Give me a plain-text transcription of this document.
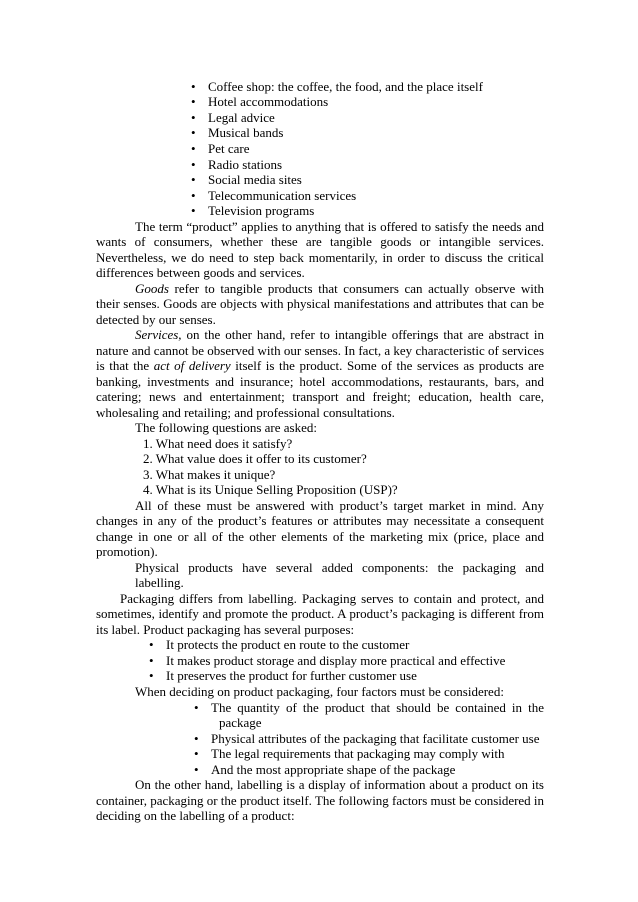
• Coffee shop: the coffee, the food, and the place itself
• Hotel accommodations
• Legal advice
• Musical bands
• Pet care
• Radio stations
• Social media sites
• Telecommunication services
• Television programs
The term “product” applies to anything that is offered to satisfy the needs and
wants of consumers, whether these are tangible goods or intangible services.
Nevertheless, we do need to step back momentarily, in order to discuss the critical
differences between goods and services.
Goods refer to tangible products that consumers can actually observe with
their senses. Goods are objects with physical manifestations and attributes that can be
detected by our senses.
Services, on the other hand, refer to intangible offerings that are abstract in
nature and cannot be observed with our senses. In fact, a key characteristic of services
is that the act of delivery itself is the product. Some of the services as products are
banking, investments and insurance; hotel accommodations, restaurants, bars, and
catering; news and entertainment; transport and freight; education, health care,
wholesaling and retailing; and professional consultations.
The following questions are asked:
1. What need does it satisfy?
2. What value does it offer to its customer?
3. What makes it unique?
4. What is its Unique Selling Proposition (USP)?
All of these must be answered with product’s target market in mind. Any
changes in any of the product’s features or attributes may necessitate a consequent
change in one or all of the other elements of the marketing mix (price, place and
promotion).
Physical products have several added components: the packaging and
labelling.
Packaging differs from labelling. Packaging serves to contain and protect, and
sometimes, identify and promote the product. A product’s packaging is different from
its label. Product packaging has several purposes:
• It protects the product en route to the customer
• It makes product storage and display more practical and effective
• It preserves the product for further customer use
When deciding on product packaging, four factors must be considered:
• The quantity of the product that should be contained in the
package
• Physical attributes of the packaging that facilitate customer use
• The legal requirements that packaging may comply with
• And the most appropriate shape of the package
On the other hand, labelling is a display of information about a product on its
container, packaging or the product itself. The following factors must be considered in
deciding on the labelling of a product:
